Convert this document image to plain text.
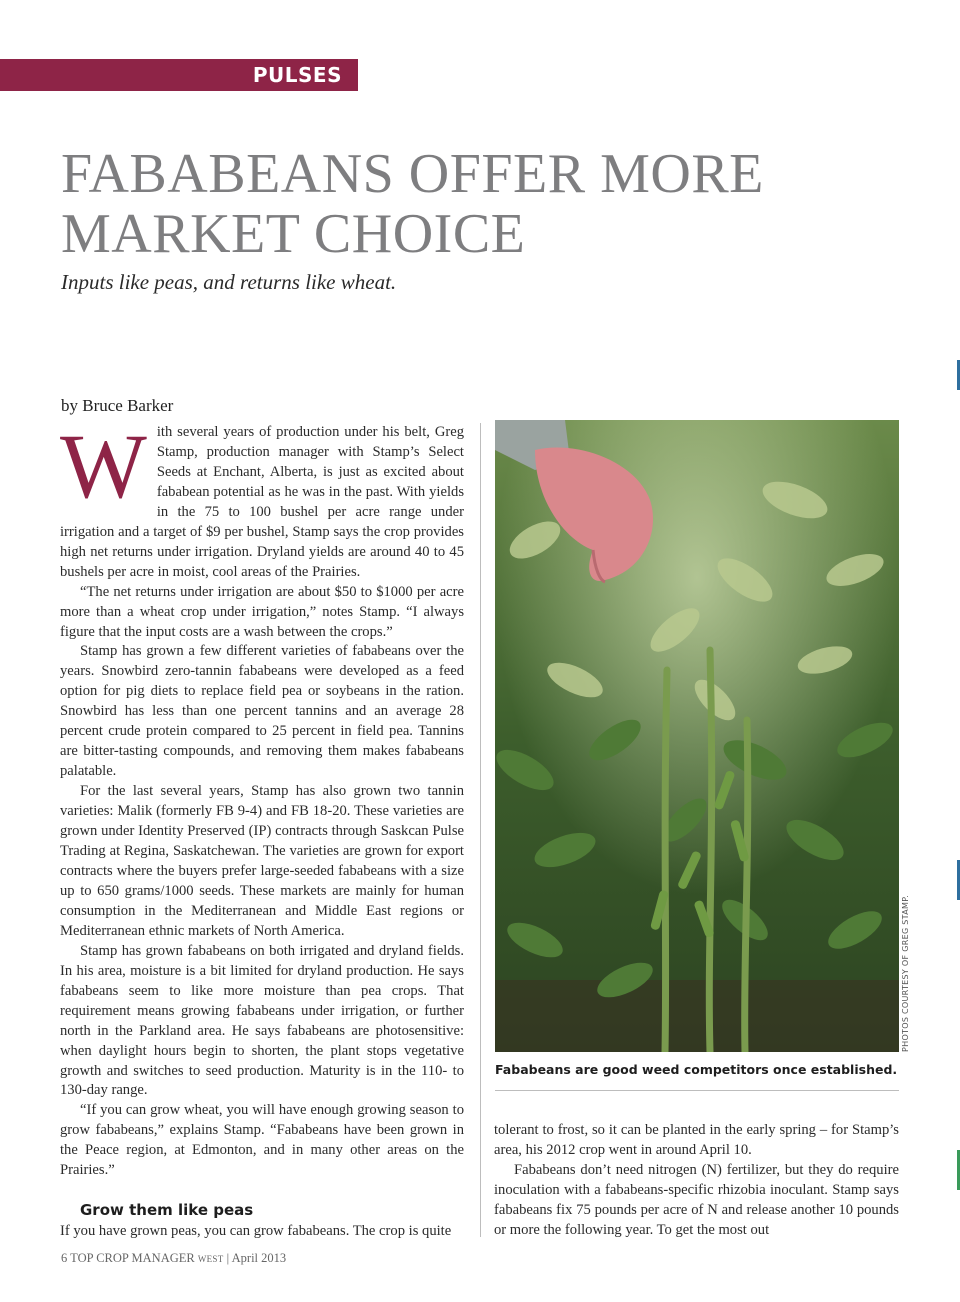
PULSES
FABABEANS OFFER MORE
MARKET CHOICE
Inputs like peas, and returns like wheat.
by Bruce Barker

With several years of production under his belt, Greg Stamp, production manager with Stamp’s Select Seeds at Enchant, Alberta, is just as excited about fababean potential as he was in the past. With yields in the 75 to 100 bushel per acre range under irrigation and a target of $9 per bushel, Stamp says the crop provides high net returns under irrigation. Dryland yields are around 40 to 45 bushels per acre in moist, cool areas of the Prairies.

“The net returns under irrigation are about $50 to $1000 per acre more than a wheat crop under irrigation,” notes Stamp. “I always figure that the input costs are a wash between the crops.”

Stamp has grown a few different varieties of fababeans over the years. Snowbird zero-tannin fababeans were developed as a feed option for pig diets to replace field pea or soybeans in the ration. Snowbird has less than one percent tannins and an average 28 percent crude protein compared to 25 percent in field pea. Tannins are bitter-tasting compounds, and removing them makes fababeans palatable.

For the last several years, Stamp has also grown two tannin varieties: Malik (formerly FB 9-4) and FB 18-20. These varieties are grown under Identity Preserved (IP) contracts through Saskcan Pulse Trading at Regina, Saskatchewan. The varieties are grown for export contracts where the buyers prefer large-seeded fababeans with a size up to 650 grams/1000 seeds. These markets are mainly for human consumption in the Mediterranean and Middle East regions or Mediterranean ethnic markets of North America.

Stamp has grown fababeans on both irrigated and dryland fields. In his area, moisture is a bit limited for dryland production. He says fababeans seem to like more moisture than pea crops. That requirement means growing fababeans under irrigation, or further north in the Parkland area. He says fababeans are photosensitive: when daylight hours begin to shorten, the plant stops vegetative growth and switches to seed production. Maturity is in the 110- to 130-day range.

“If you can grow wheat, you will have enough growing season to grow fababeans,” explains Stamp. “Fababeans have been grown in the Peace region, at Edmonton, and in many other areas on the Prairies.”

Grow them like peas

If you have grown peas, you can grow fababeans. The crop is quite

PHOTOS COURTESY OF GREG STAMP.
Fababeans are good weed competitors once established.

tolerant to frost, so it can be planted in the early spring – for Stamp’s area, his 2012 crop went in around April 10.

Fababeans don’t need nitrogen (N) fertilizer, but they do require inoculation with a fababeans-specific rhizobia inoculant. Stamp says fababeans fix 75 pounds per acre of N and release another 10 pounds or more the following year. To get the most out

6 TOP CROP MANAGER WEST | April 2013
